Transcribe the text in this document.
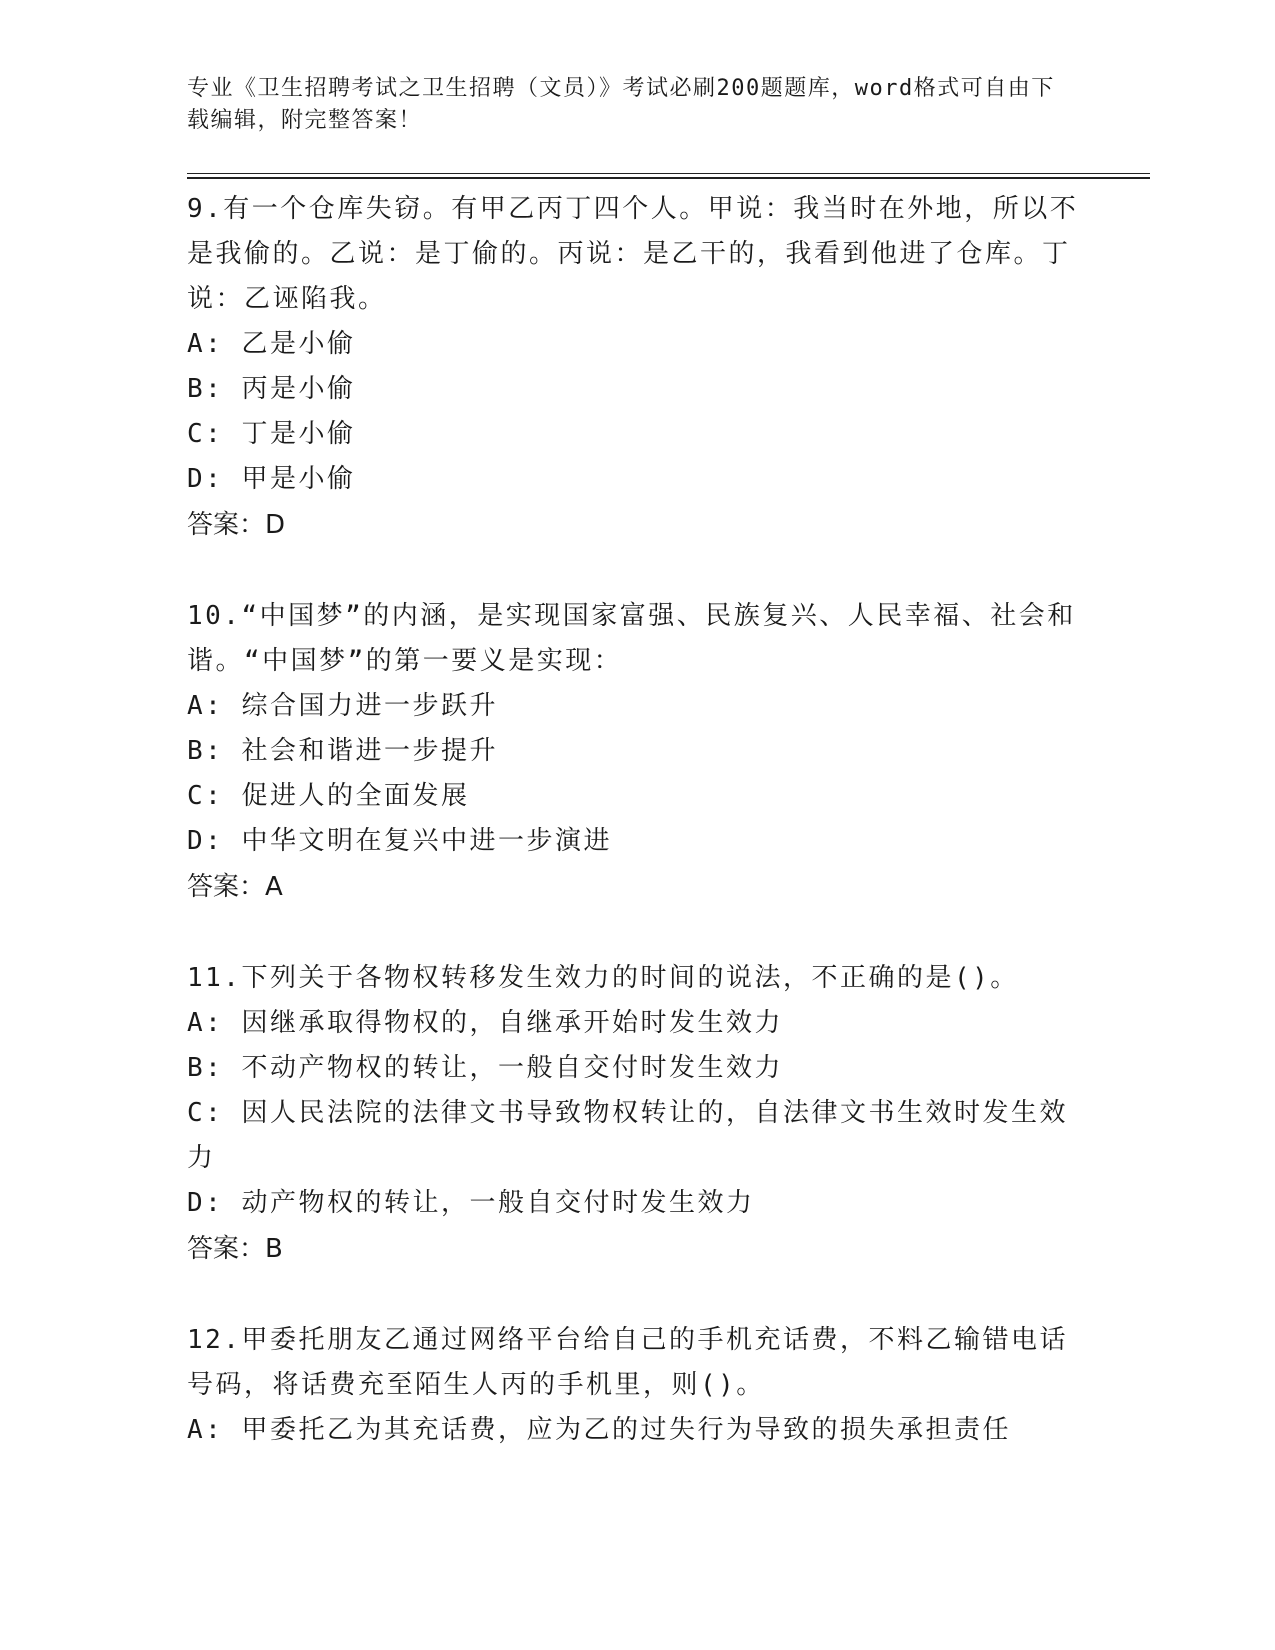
专业《卫生招聘考试之卫生招聘（文员）》考试必刷200题题库，word格式可自由下载编辑，附完整答案！

9.有一个仓库失窃。有甲乙丙丁四个人。甲说：我当时在外地，所以不是我偷的。乙说：是丁偷的。丙说：是乙干的，我看到他进了仓库。丁说：乙诬陷我。

A: 乙是小偷

B: 丙是小偷

C: 丁是小偷

D: 甲是小偷

答案：D

10.“中国梦”的内涵，是实现国家富强、民族复兴、人民幸福、社会和谐。“中国梦”的第一要义是实现：

A: 综合国力进一步跃升

B: 社会和谐进一步提升

C: 促进人的全面发展

D: 中华文明在复兴中进一步演进

答案：A

11.下列关于各物权转移发生效力的时间的说法，不正确的是()。

A: 因继承取得物权的，自继承开始时发生效力

B: 不动产物权的转让，一般自交付时发生效力

C: 因人民法院的法律文书导致物权转让的，自法律文书生效时发生效力

D: 动产物权的转让，一般自交付时发生效力

答案：B

12.甲委托朋友乙通过网络平台给自己的手机充话费，不料乙输错电话号码，将话费充至陌生人丙的手机里，则()。

A: 甲委托乙为其充话费，应为乙的过失行为导致的损失承担责任
